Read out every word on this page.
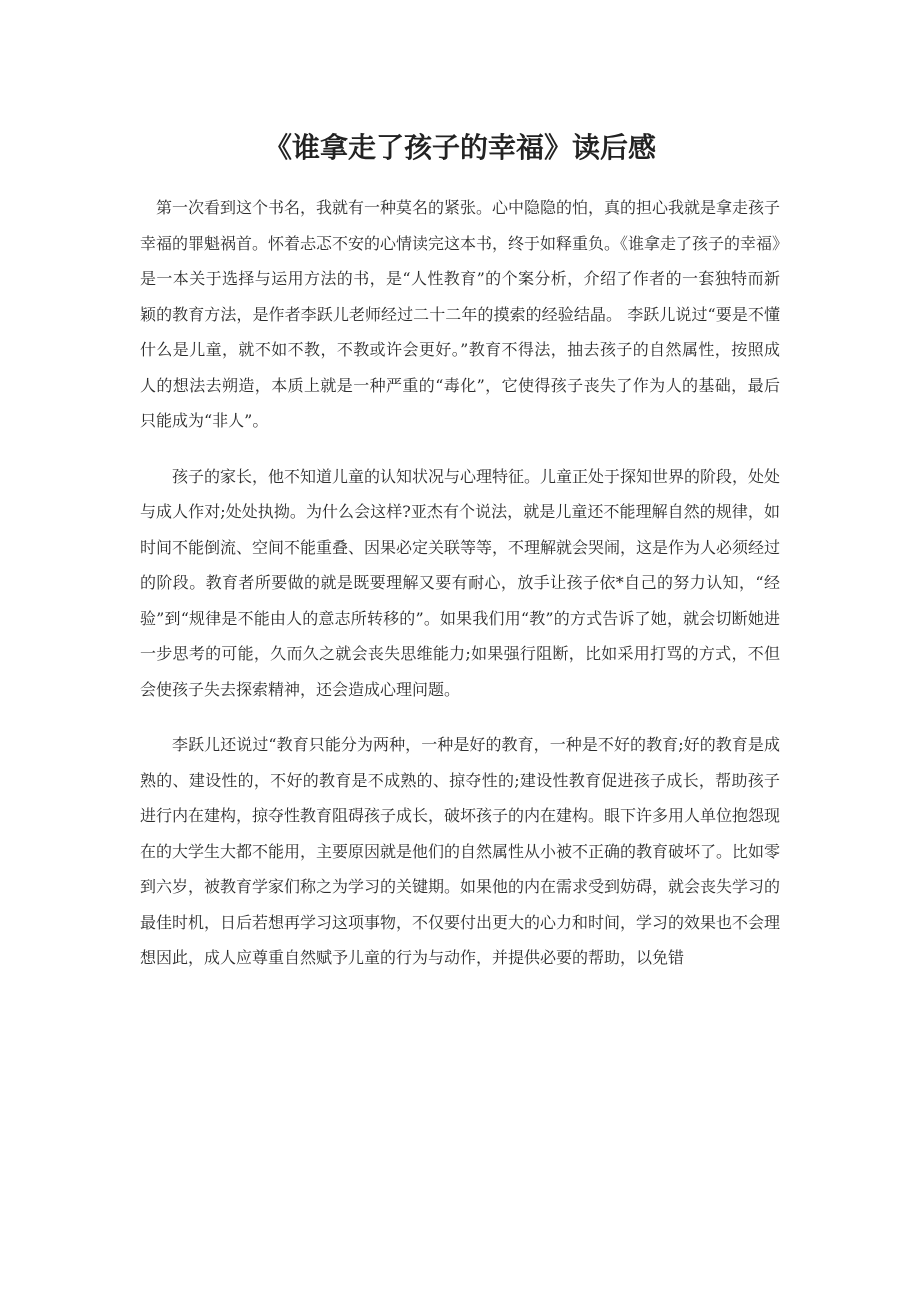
《谁拿走了孩子的幸福》读后感

第一次看到这个书名，我就有一种莫名的紧张。心中隐隐的怕，真的担心我就是拿走孩子幸福的罪魁祸首。怀着忐忑不安的心情读完这本书，终于如释重负。《谁拿走了孩子的幸福》是一本关于选择与运用方法的书，是“人性教育”的个案分析，介绍了作者的一套独特而新颖的教育方法，是作者李跃儿老师经过二十二年的摸索的经验结晶。 李跃儿说过“要是不懂什么是儿童，就不如不教，不教或许会更好。”教育不得法，抽去孩子的自然属性，按照成人的想法去朔造，本质上就是一种严重的“毒化”，它使得孩子丧失了作为人的基础，最后只能成为“非人”。

孩子的家长，他不知道儿童的认知状况与心理特征。儿童正处于探知世界的阶段，处处与成人作对;处处执拗。为什么会这样?亚杰有个说法，就是儿童还不能理解自然的规律，如时间不能倒流、空间不能重叠、因果必定关联等等，不理解就会哭闹，这是作为人必须经过的阶段。教育者所要做的就是既要理解又要有耐心，放手让孩子依*自己的努力认知，“经验”到“规律是不能由人的意志所转移的”。如果我们用“教”的方式告诉了她，就会切断她进一步思考的可能，久而久之就会丧失思维能力;如果强行阻断，比如采用打骂的方式，不但会使孩子失去探索精神，还会造成心理问题。

李跃儿还说过“教育只能分为两种，一种是好的教育，一种是不好的教育;好的教育是成熟的、建设性的，不好的教育是不成熟的、掠夺性的;建设性教育促进孩子成长，帮助孩子进行内在建构，掠夺性教育阻碍孩子成长，破坏孩子的内在建构。眼下许多用人单位抱怨现在的大学生大都不能用，主要原因就是他们的自然属性从小被不正确的教育破坏了。比如零到六岁，被教育学家们称之为学习的关键期。如果他的内在需求受到妨碍，就会丧失学习的最佳时机，日后若想再学习这项事物，不仅要付出更大的心力和时间，学习的效果也不会理想因此，成人应尊重自然赋予儿童的行为与动作，并提供必要的帮助，以免错
